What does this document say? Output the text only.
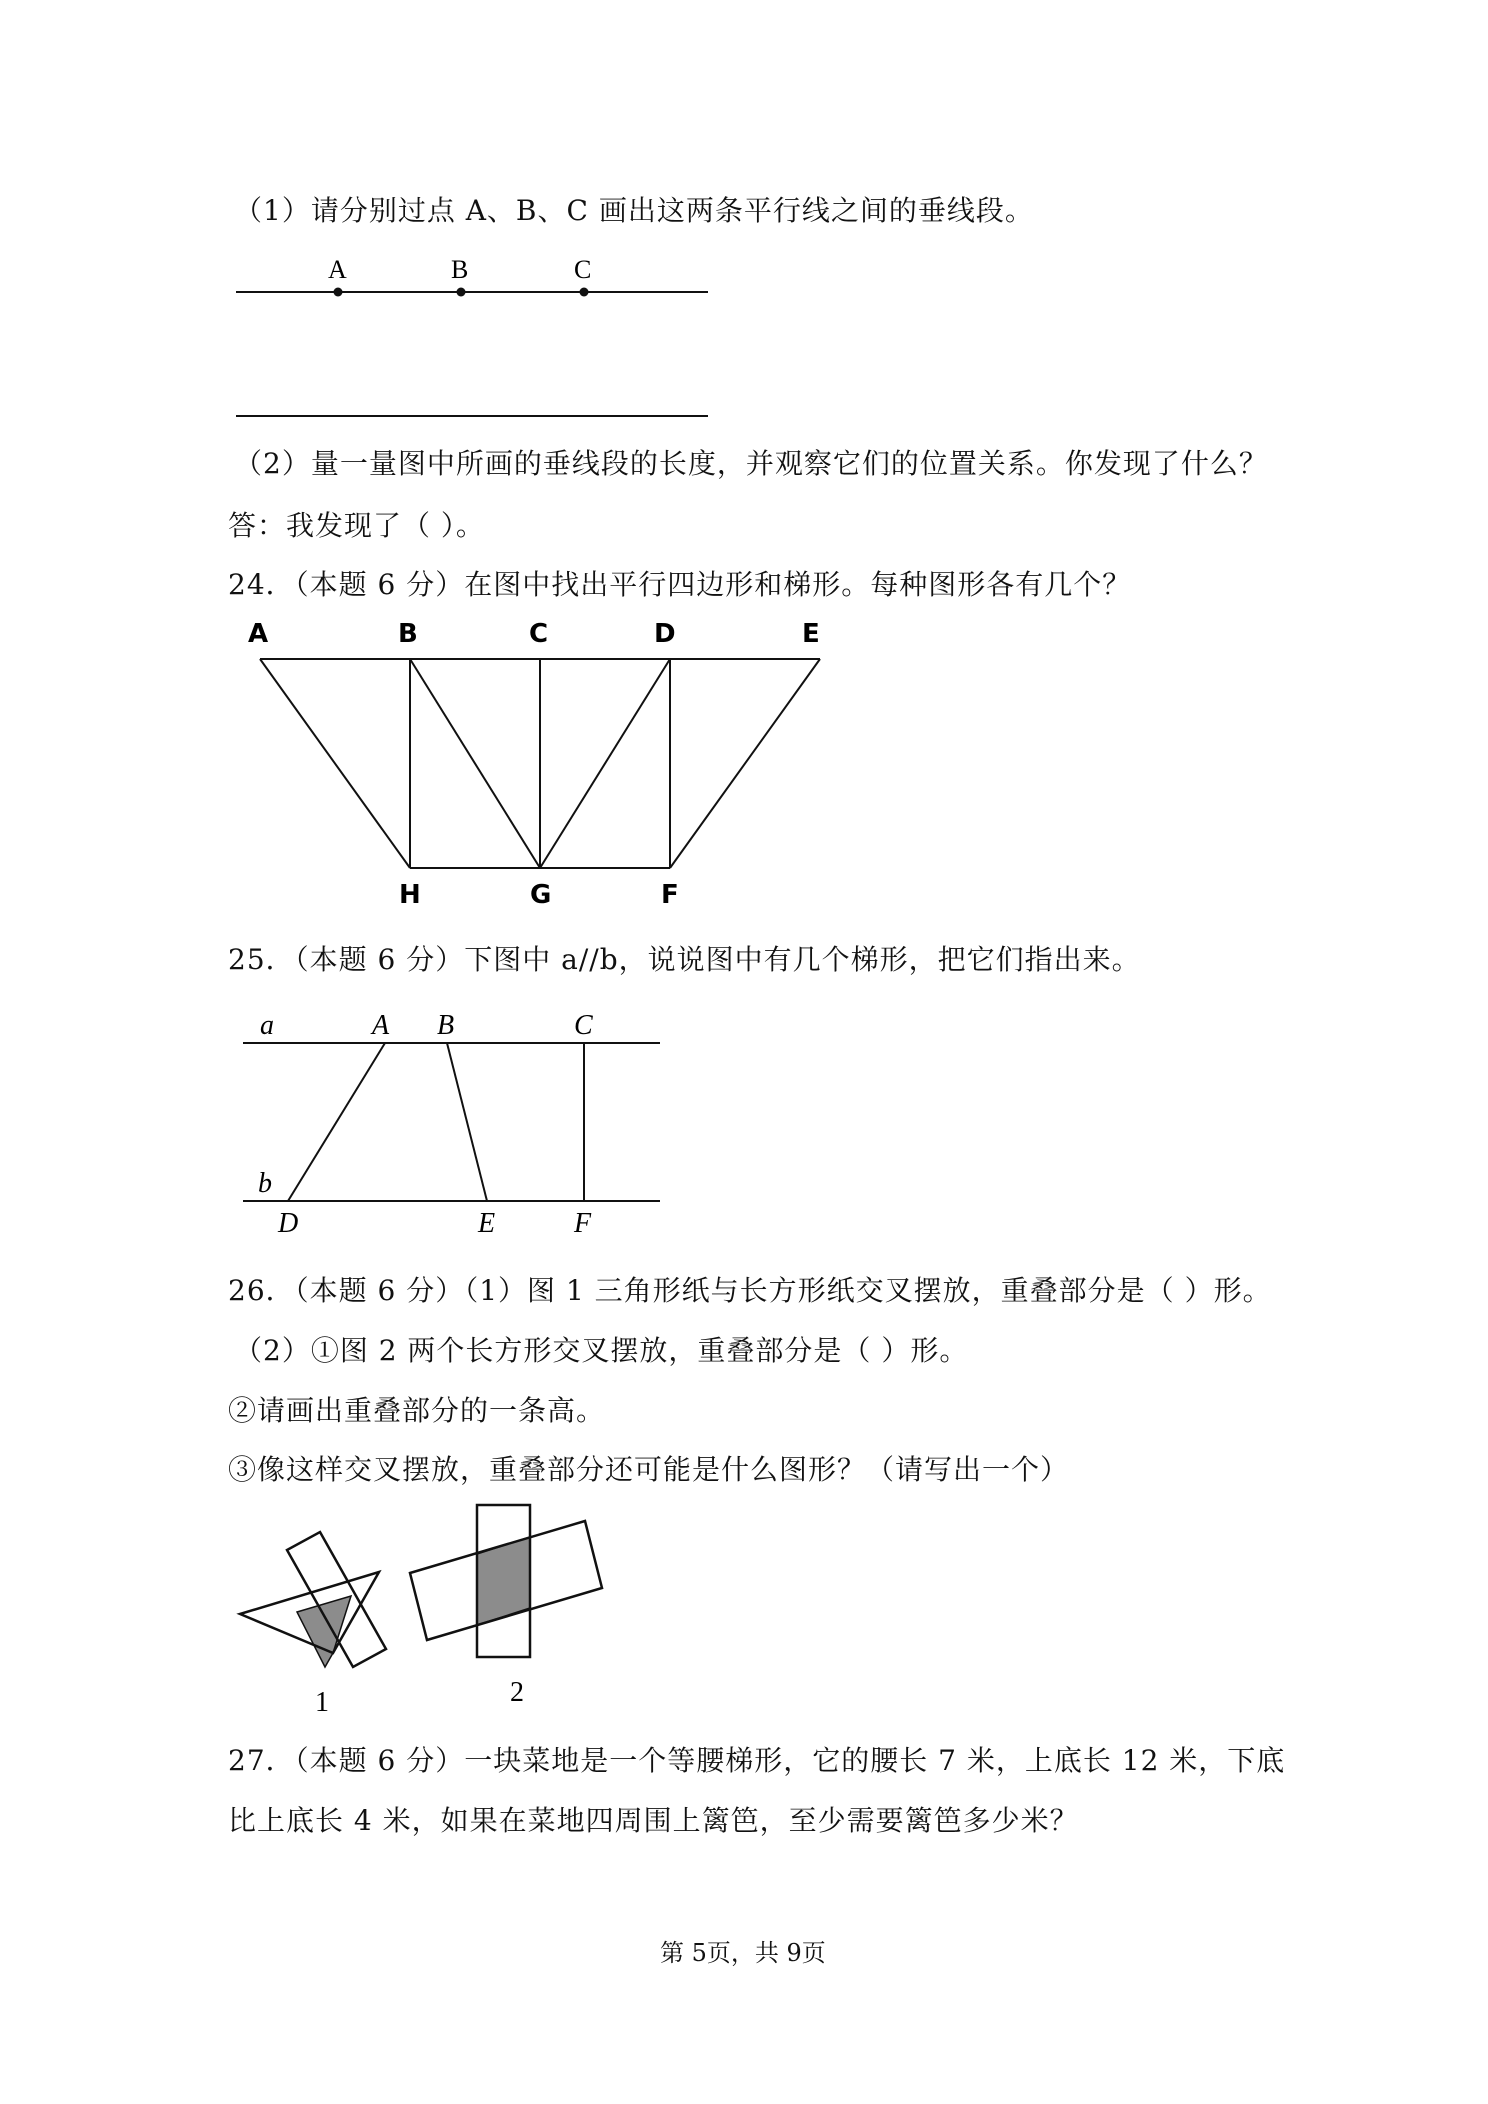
（1）请分别过点 A、B、C 画出这两条平行线之间的垂线段。
A	B	C
（2）量一量图中所画的垂线段的长度，并观察它们的位置关系。你发现了什么？
答：我发现了（ ）。
24．（本题 6 分）在图中找出平行四边形和梯形。每种图形各有几个？
A	B	C	D	E
H	G	F
25．（本题 6 分）下图中 a//b，说说图中有几个梯形，把它们指出来。
a	A B	C
b
D	E	F
26．（本题 6 分）（1）图 1 三角形纸与长方形纸交叉摆放，重叠部分是（ ）形。
（2）①图 2 两个长方形交叉摆放，重叠部分是（ ）形。
②请画出重叠部分的一条高。
③像这样交叉摆放，重叠部分还可能是什么图形？（请写出一个）
1	2
27．（本题 6 分）一块菜地是一个等腰梯形，它的腰长 7 米，上底长 12 米，下底
比上底长 4 米，如果在菜地四周围上篱笆，至少需要篱笆多少米？
第 5页，共 9页
